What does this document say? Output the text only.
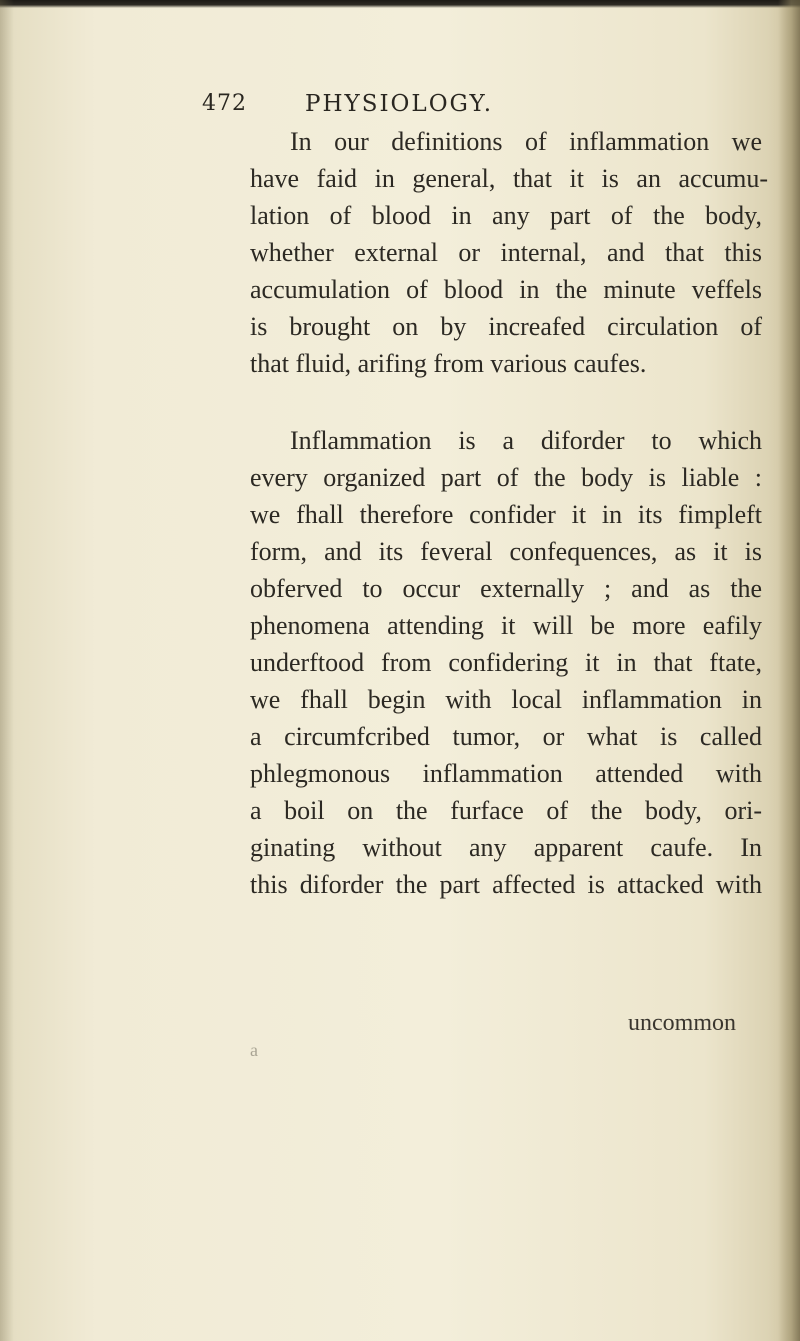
472	PHYSIOLOGY.
In our definitions of inflammation we
have faid in general, that it is an accumu-
lation of blood in any part of the body,
whether external or internal, and that this
accumulation of blood in the minute veffels
is brought on by increafed circulation of
that fluid, arifing from various caufes.
Inflammation is a diforder to which
every organized part of the body is liable :
we fhall therefore confider it in its fimpleft
form, and its feveral confequences, as it is
obferved to occur externally ; and as the
phenomena attending it will be more eafily
underftood from confidering it in that ftate,
we fhall begin with local inflammation in
a circumfcribed tumor, or what is called
phlegmonous inflammation attended with
a boil on the furface of the body, ori-
ginating without any apparent caufe. In
this diforder the part affected is attacked with
uncommon
a
